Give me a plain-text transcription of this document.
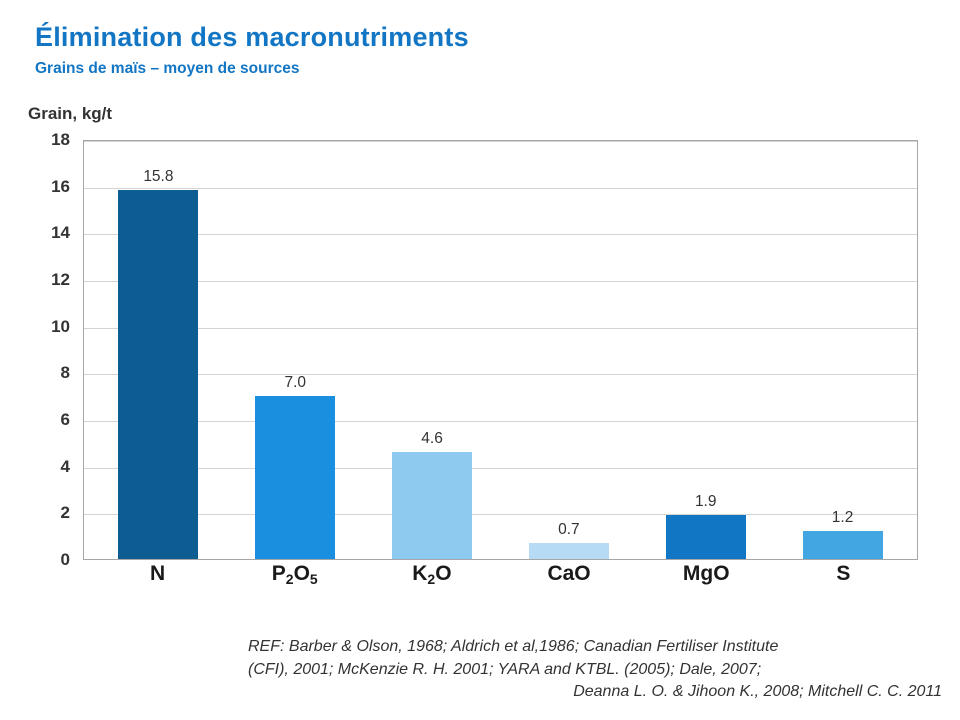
Élimination des macronutriments
Grains de maïs – moyen de sources
Grain, kg/t
0
2
4
6
8
10
12
14
16
18
15.8
7.0
4.6
0.7
1.9
1.2
N	$P_2O_5$	$K_2O$	CaO	MgO	S
REF: Barber & Olson, 1968; Aldrich et al,1986; Canadian Fertiliser Institute
(CFI), 2001; McKenzie R. H. 2001; YARA and KTBL. (2005); Dale, 2007;
Deanna L. O. & Jihoon K., 2008; Mitchell C. C. 2011
